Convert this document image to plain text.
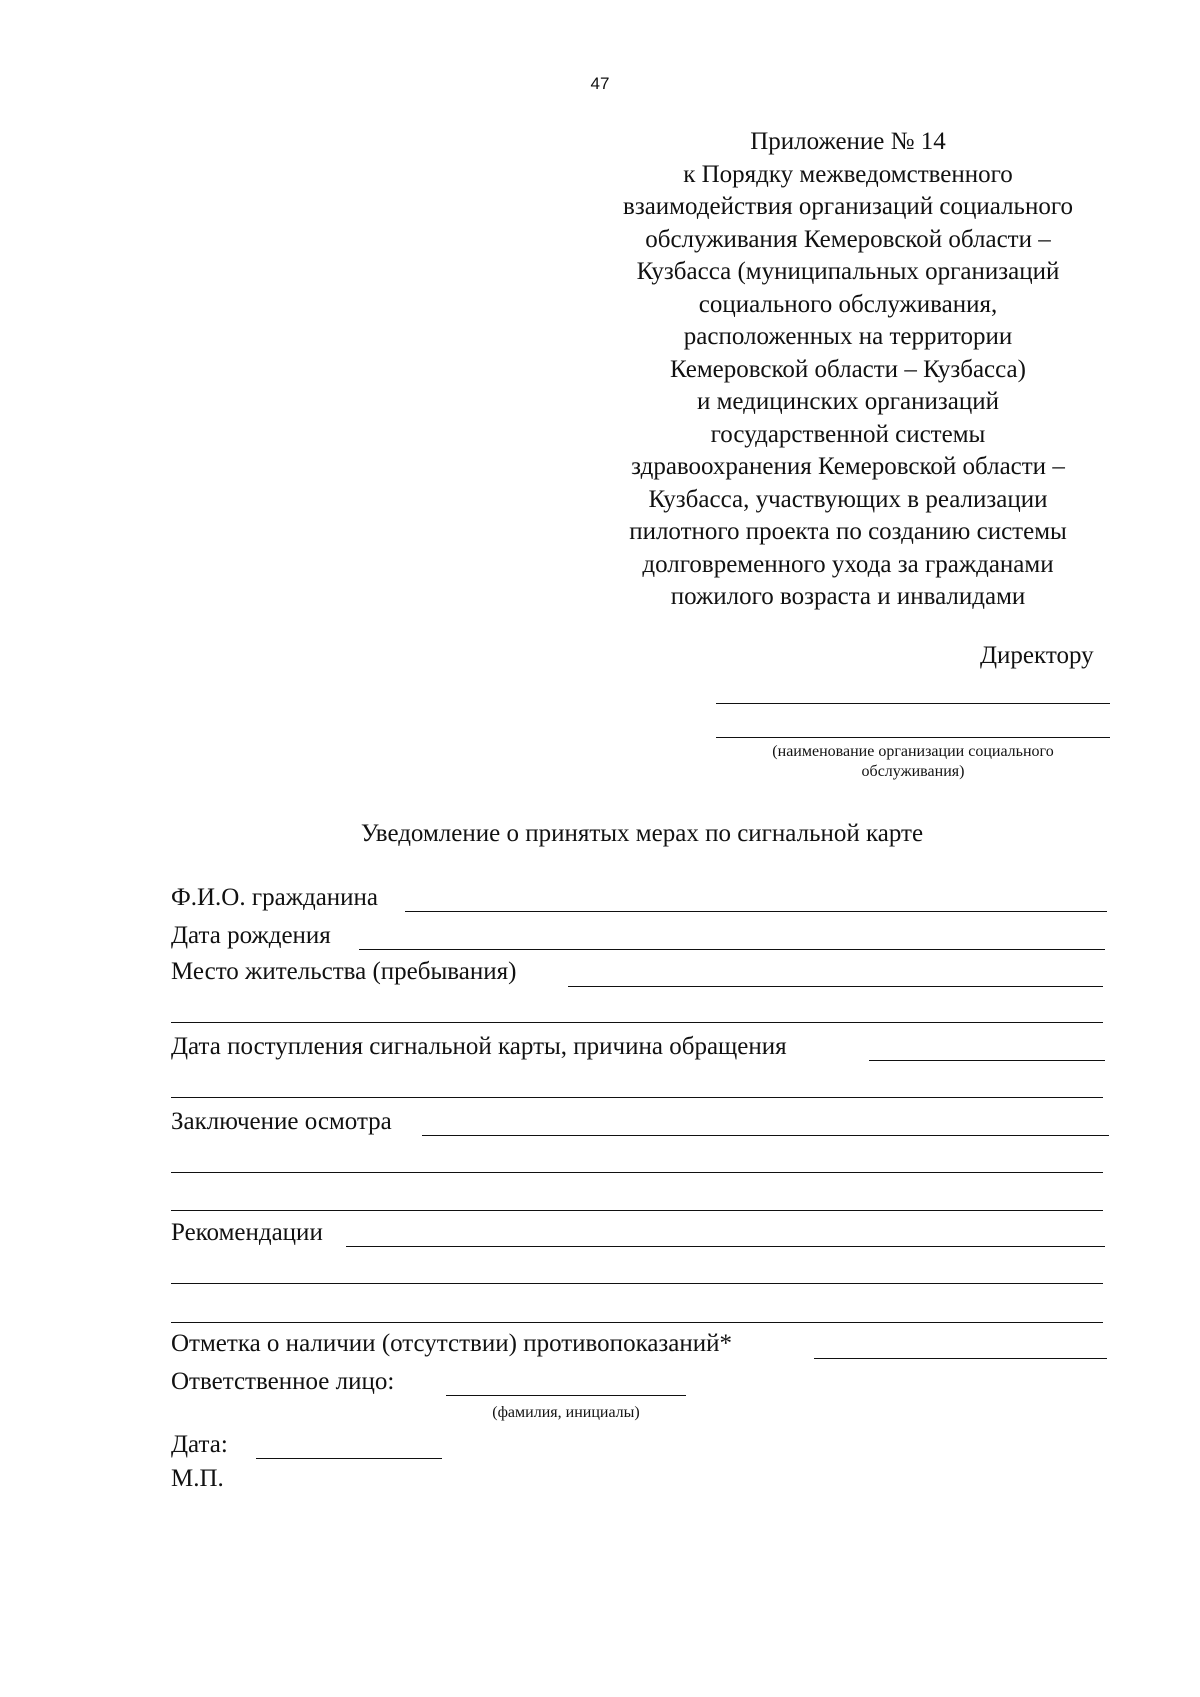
47
Приложение № 14
к Порядку межведомственного
взаимодействия организаций социального
обслуживания Кемеровской области –
Кузбасса (муниципальных организаций
социального обслуживания,
расположенных на территории
Кемеровской области – Кузбасса)
и медицинских организаций
государственной системы
здравоохранения Кемеровской области –
Кузбасса, участвующих в реализации
пилотного проекта по созданию системы
долговременного ухода за гражданами
пожилого возраста и инвалидами
Директору
(наименование организации социального
обслуживания)
Уведомление о принятых мерах по сигнальной карте
Ф.И.О. гражданина
Дата рождения
Место жительства (пребывания)
Дата поступления сигнальной карты, причина обращения
Заключение осмотра
Рекомендации
Отметка о наличии (отсутствии) противопоказаний*
Ответственное лицо:
(фамилия, инициалы)
Дата:
М.П.
